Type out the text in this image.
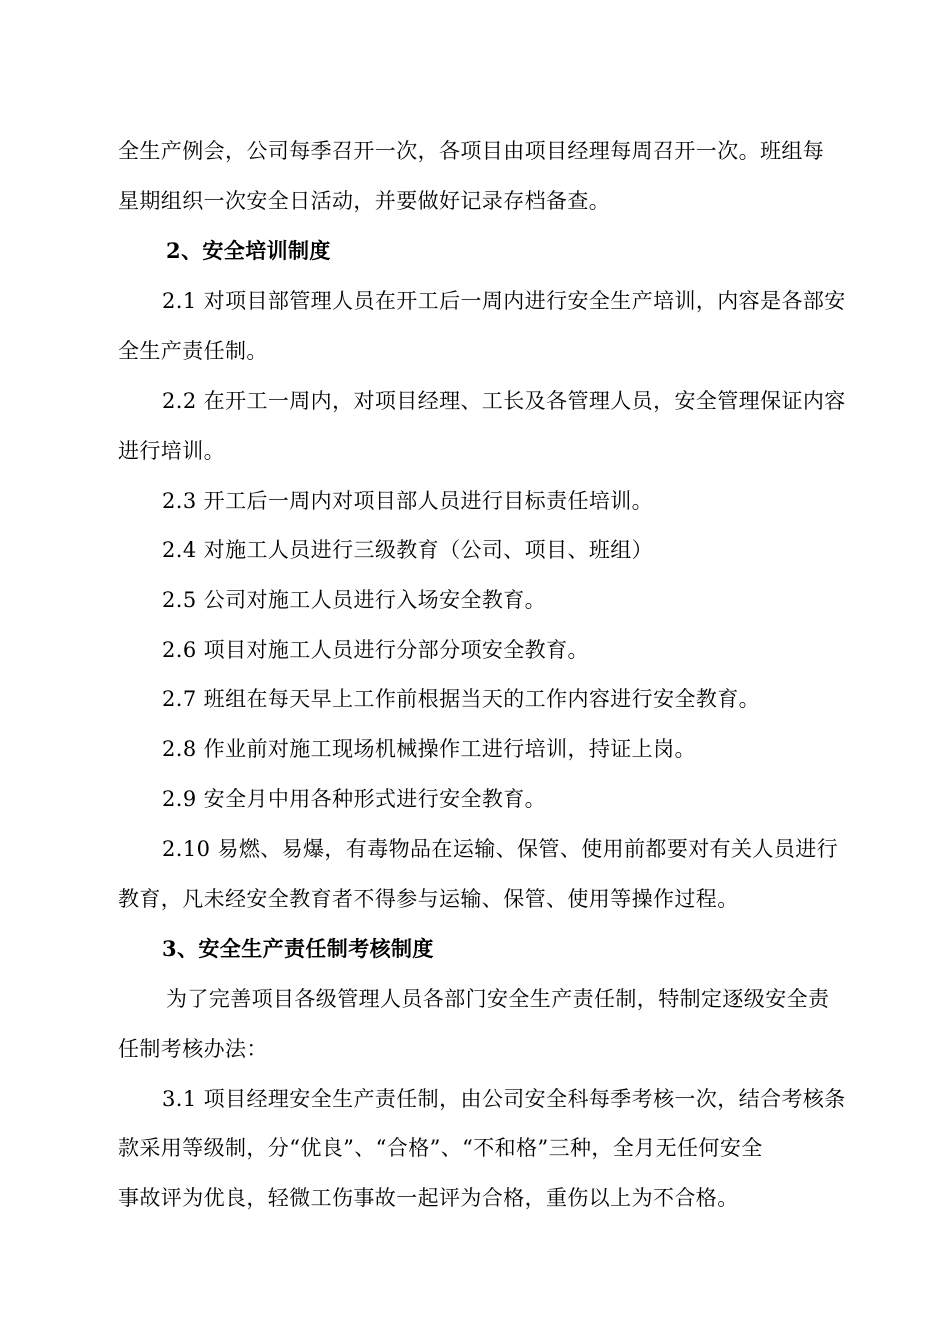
全生产例会，公司每季召开一次，各项目由项目经理每周召开一次。班组每
星期组织一次安全日活动，并要做好记录存档备查。
2、安全培训制度
2.1 对项目部管理人员在开工后一周内进行安全生产培训，内容是各部安
全生产责任制。
2.2 在开工一周内，对项目经理、工长及各管理人员，安全管理保证内容
进行培训。
2.3 开工后一周内对项目部人员进行目标责任培训。
2.4 对施工人员进行三级教育（公司、项目、班组）
2.5 公司对施工人员进行入场安全教育。
2.6 项目对施工人员进行分部分项安全教育。
2.7 班组在每天早上工作前根据当天的工作内容进行安全教育。
2.8 作业前对施工现场机械操作工进行培训，持证上岗。
2.9 安全月中用各种形式进行安全教育。
2.10 易燃、易爆，有毒物品在运输、保管、使用前都要对有关人员进行
教育，凡未经安全教育者不得参与运输、保管、使用等操作过程。
3、安全生产责任制考核制度
为了完善项目各级管理人员各部门安全生产责任制，特制定逐级安全责
任制考核办法：
3.1 项目经理安全生产责任制，由公司安全科每季考核一次，结合考核条
款采用等级制，分“优良”、“合格”、“不和格”三种，全月无任何安全
事故评为优良，轻微工伤事故一起评为合格，重伤以上为不合格。
